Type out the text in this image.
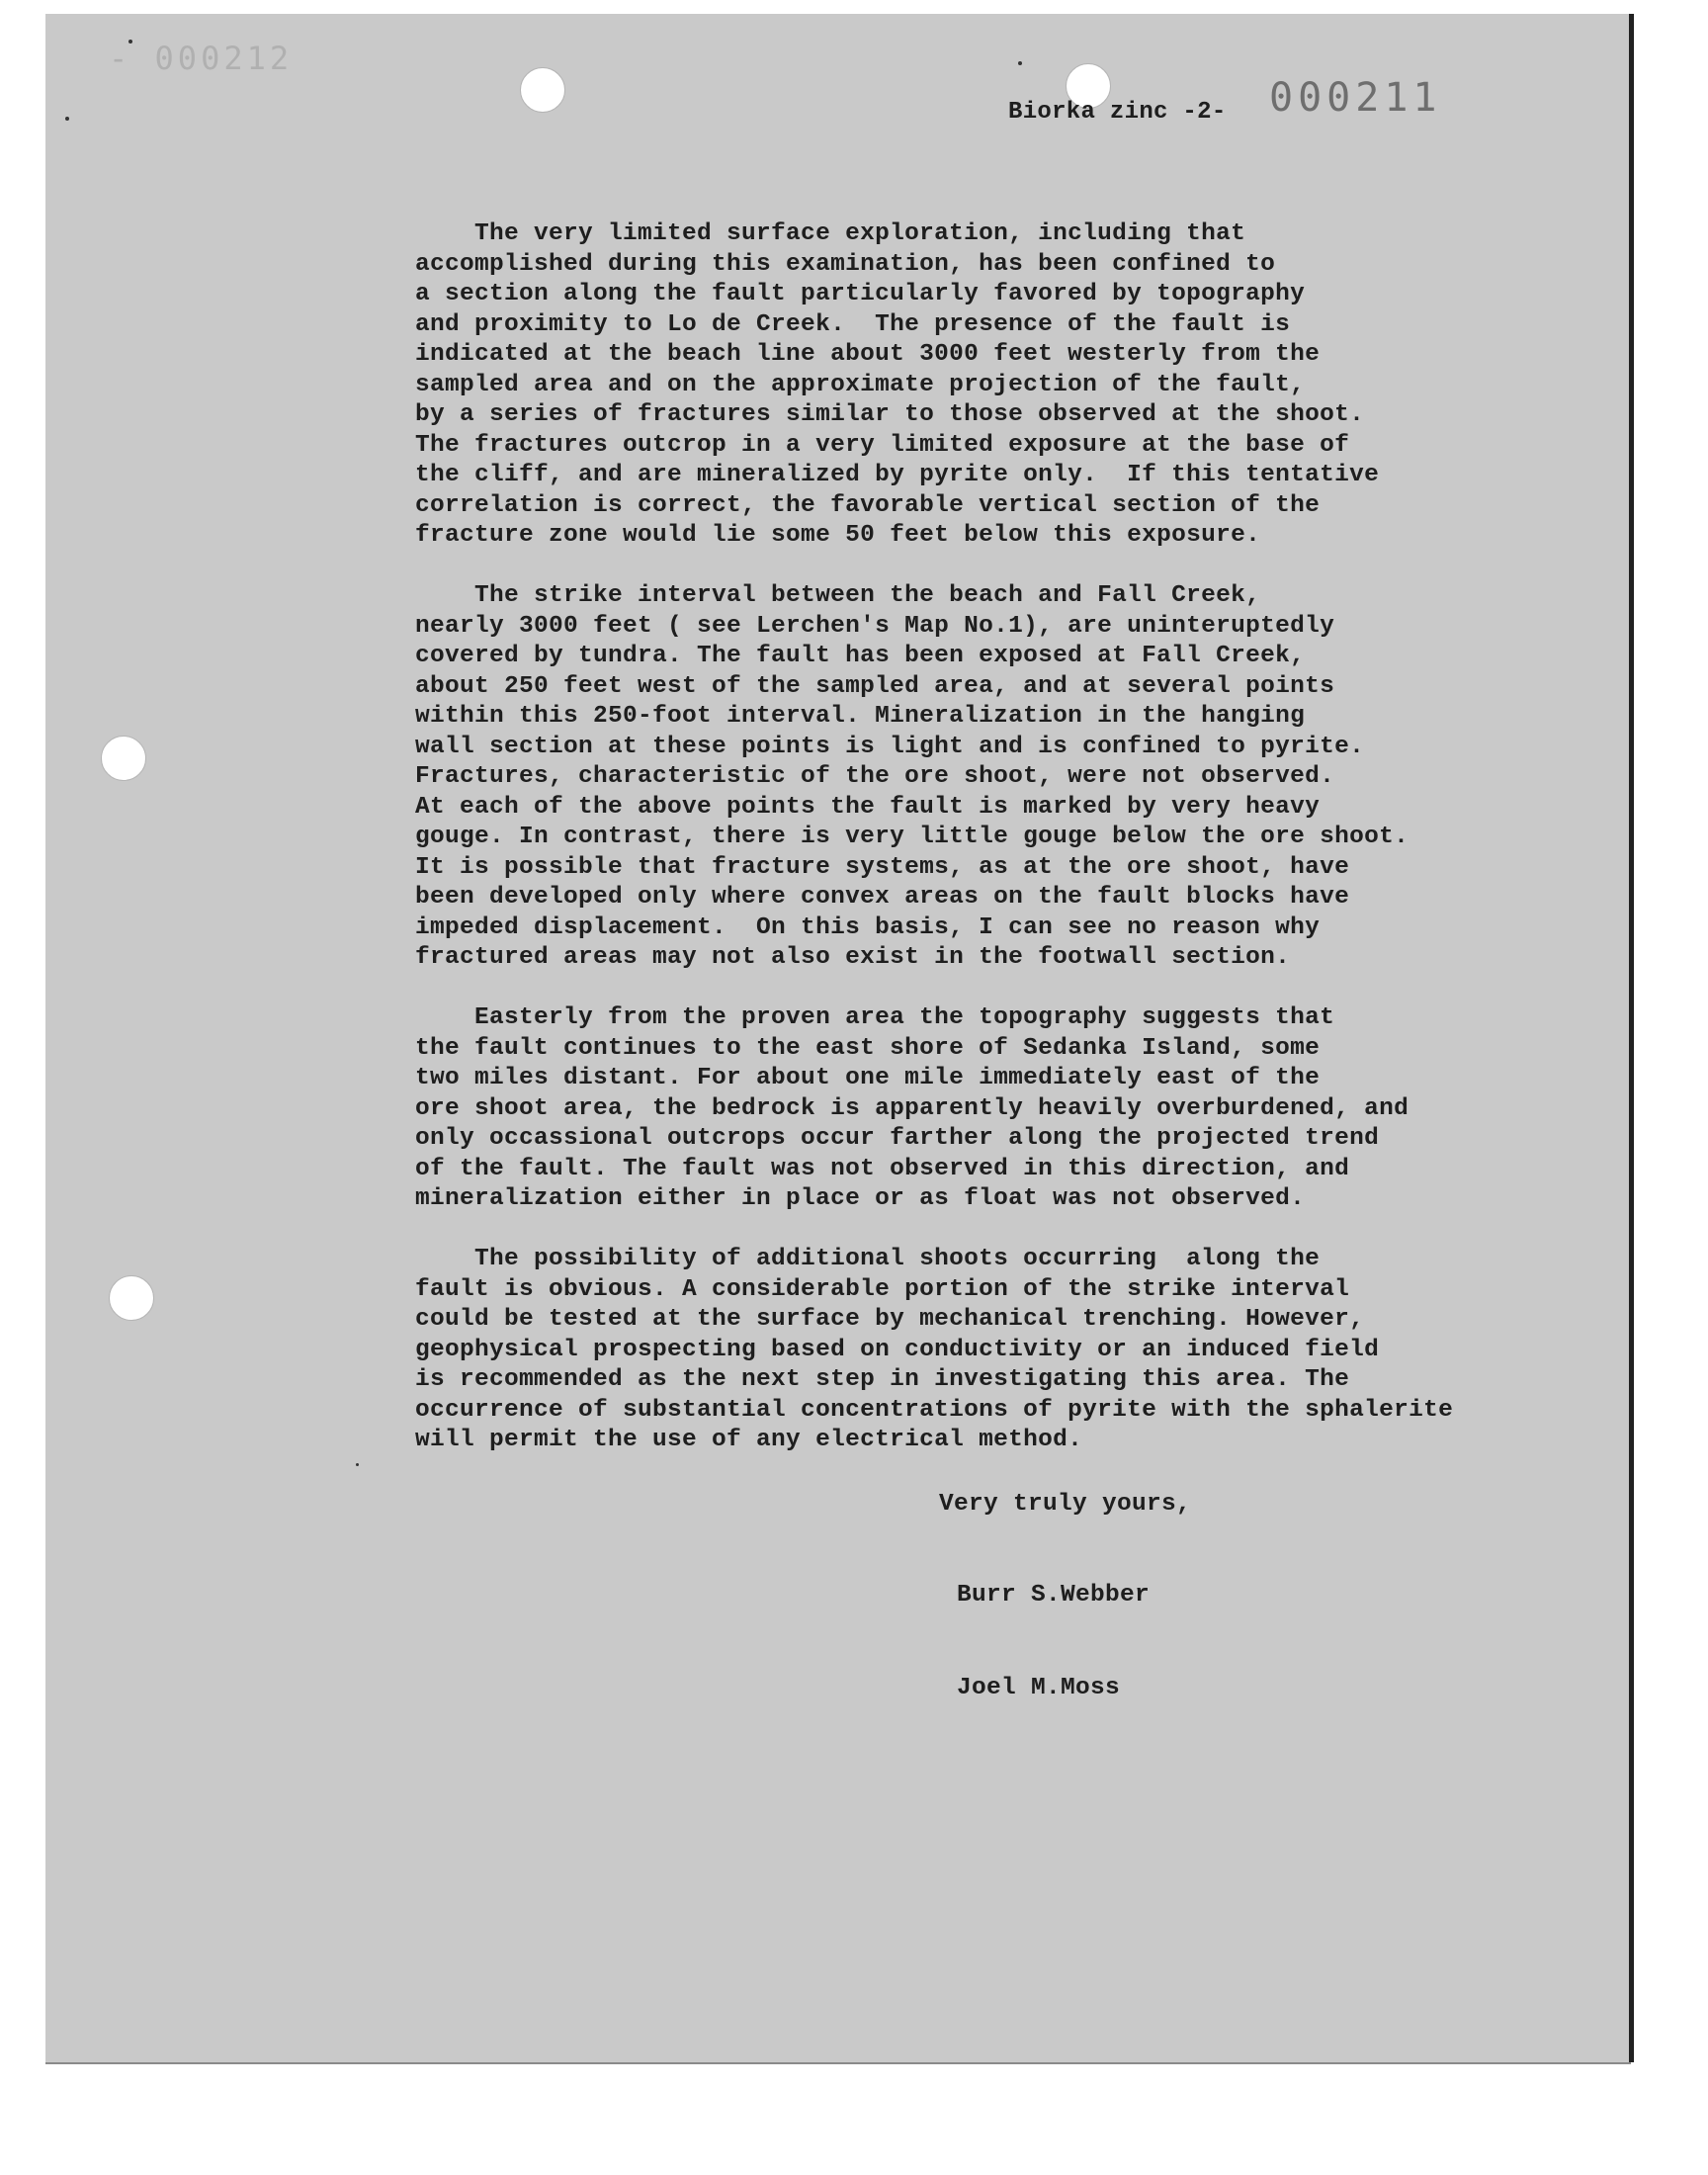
- 000212
Biorka zinc -2- 000211

The very limited surface exploration, including that
accomplished during this examination, has been confined to
a section along the fault particularly favored by topography
and proximity to Lo de Creek.  The presence of the fault is
indicated at the beach line about 3000 feet westerly from the
sampled area and on the approximate projection of the fault,
by a series of fractures similar to those observed at the shoot.
The fractures outcrop in a very limited exposure at the base of
the cliff, and are mineralized by pyrite only.  If this tentative
correlation is correct, the favorable vertical section of the
fracture zone would lie some 50 feet below this exposure.

The strike interval between the beach and Fall Creek,
nearly 3000 feet ( see Lerchen's Map No.1), are uninteruptedly
covered by tundra. The fault has been exposed at Fall Creek,
about 250 feet west of the sampled area, and at several points
within this 250-foot interval. Mineralization in the hanging
wall section at these points is light and is confined to pyrite.
Fractures, characteristic of the ore shoot, were not observed.
At each of the above points the fault is marked by very heavy
gouge. In contrast, there is very little gouge below the ore shoot.
It is possible that fracture systems, as at the ore shoot, have
been developed only where convex areas on the fault blocks have
impeded displacement.  On this basis, I can see no reason why
fractured areas may not also exist in the footwall section.

Easterly from the proven area the topography suggests that
the fault continues to the east shore of Sedanka Island, some
two miles distant. For about one mile immediately east of the
ore shoot area, the bedrock is apparently heavily overburdened, and
only occassional outcrops occur farther along the projected trend
of the fault. The fault was not observed in this direction, and
mineralization either in place or as float was not observed.

The possibility of additional shoots occurring  along the
fault is obvious. A considerable portion of the strike interval
could be tested at the surface by mechanical trenching. However,
geophysical prospecting based on conductivity or an induced field
is recommended as the next step in investigating this area. The
occurrence of substantial concentrations of pyrite with the sphalerite
will permit the use of any electrical method.

Very truly yours,
Burr S.Webber
Joel M.Moss
